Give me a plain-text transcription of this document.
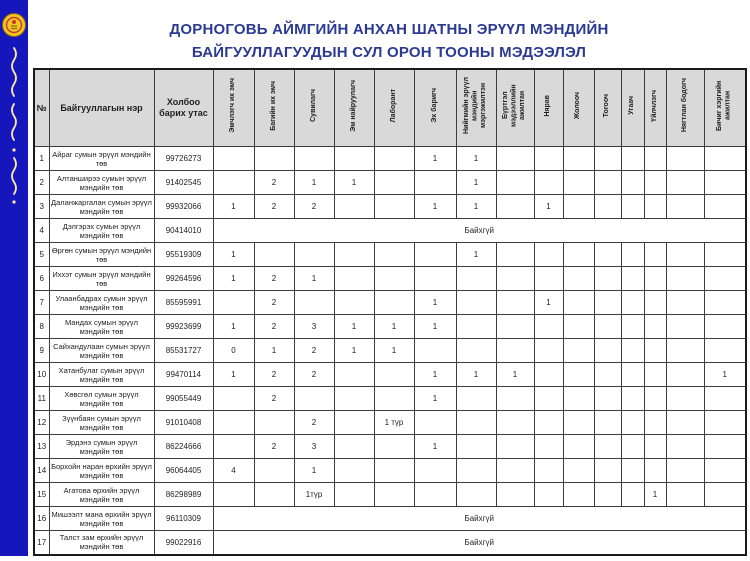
ДОРНОГОВЬ АЙМГИЙН АНХАН ШАТНЫ ЭРҮҮЛ МЭНДИЙН
БАЙГУУЛЛАГУУДЫН СУЛ ОРОН ТООНЫ МЭДЭЭЛЭЛ
№	Байгууллагын нэр	Холбоо барих утас	Эмчлэгч их эмч	Багийн их эмч	Сувилагч	Эм найруулагч	Лаборант	Эх баригч	Нийгмийн эрүүл мэндийн мэргэжилтэн	Бүртгэл мэдээллийн ажилтан	Нярав	Жолооч	Тогооч	Угаач	Үйлчлэгч	Нягтлан бодогч	Бичиг хэргийн ажилтан
1	Айраг сумын эрүүл мэндийн төв	99726273						1	1								
2	Алтанширээ сумын эрүүл мэндийн төв	91402545		2	1	1			1								
3	Даланжаргалан сумын эрүүл мэндийн төв	99932066	1	2	2			1	1		1						
4	Дэлгэрэх сумын эрүүл мэндийн төв	90414010	Байхгүй														
5	Өргөн сумын эрүүл мэндийн төв	95519309	1						1								
6	Иххэт сумын эрүүл мэндийн төв	99264596	1	2	1												
7	Улаанбадрах сумын эрүүл мэндийн төв	85595991		2				1			1						
8	Мандах сумын эрүүл мэндийн төв	99923699	1	2	3	1	1	1									
9	Сайхандулаан сумын эрүүл мэндийн төв	85531727	0	1	2	1	1										
10	Хатанбулаг сумын эрүүл мэндийн төв	99470114	1	2	2			1	1	1							1
11	Хөвсгөл сумын эрүүл мэндийн төв	99055449		2				1									
12	Зүүнбаян сумын эрүүл мэндийн төв	91010408			2		1 түр										
13	Эрдэнэ сумын эрүүл мэндийн төв	86224666		2	3			1									
14	Борхойн наран өрхийн эрүүл мэндийн төв	96064405	4		1												
15	Агатова өрхийн эрүүл мэндийн төв	86298989			1түр										1		
16	Мишээлт мана өрхийн эрүүл мэндийн төв	96110309	Байхгүй														
17	Талст зам өрхийн эрүүл мэндийн төв	99022916	Байхгүй														
